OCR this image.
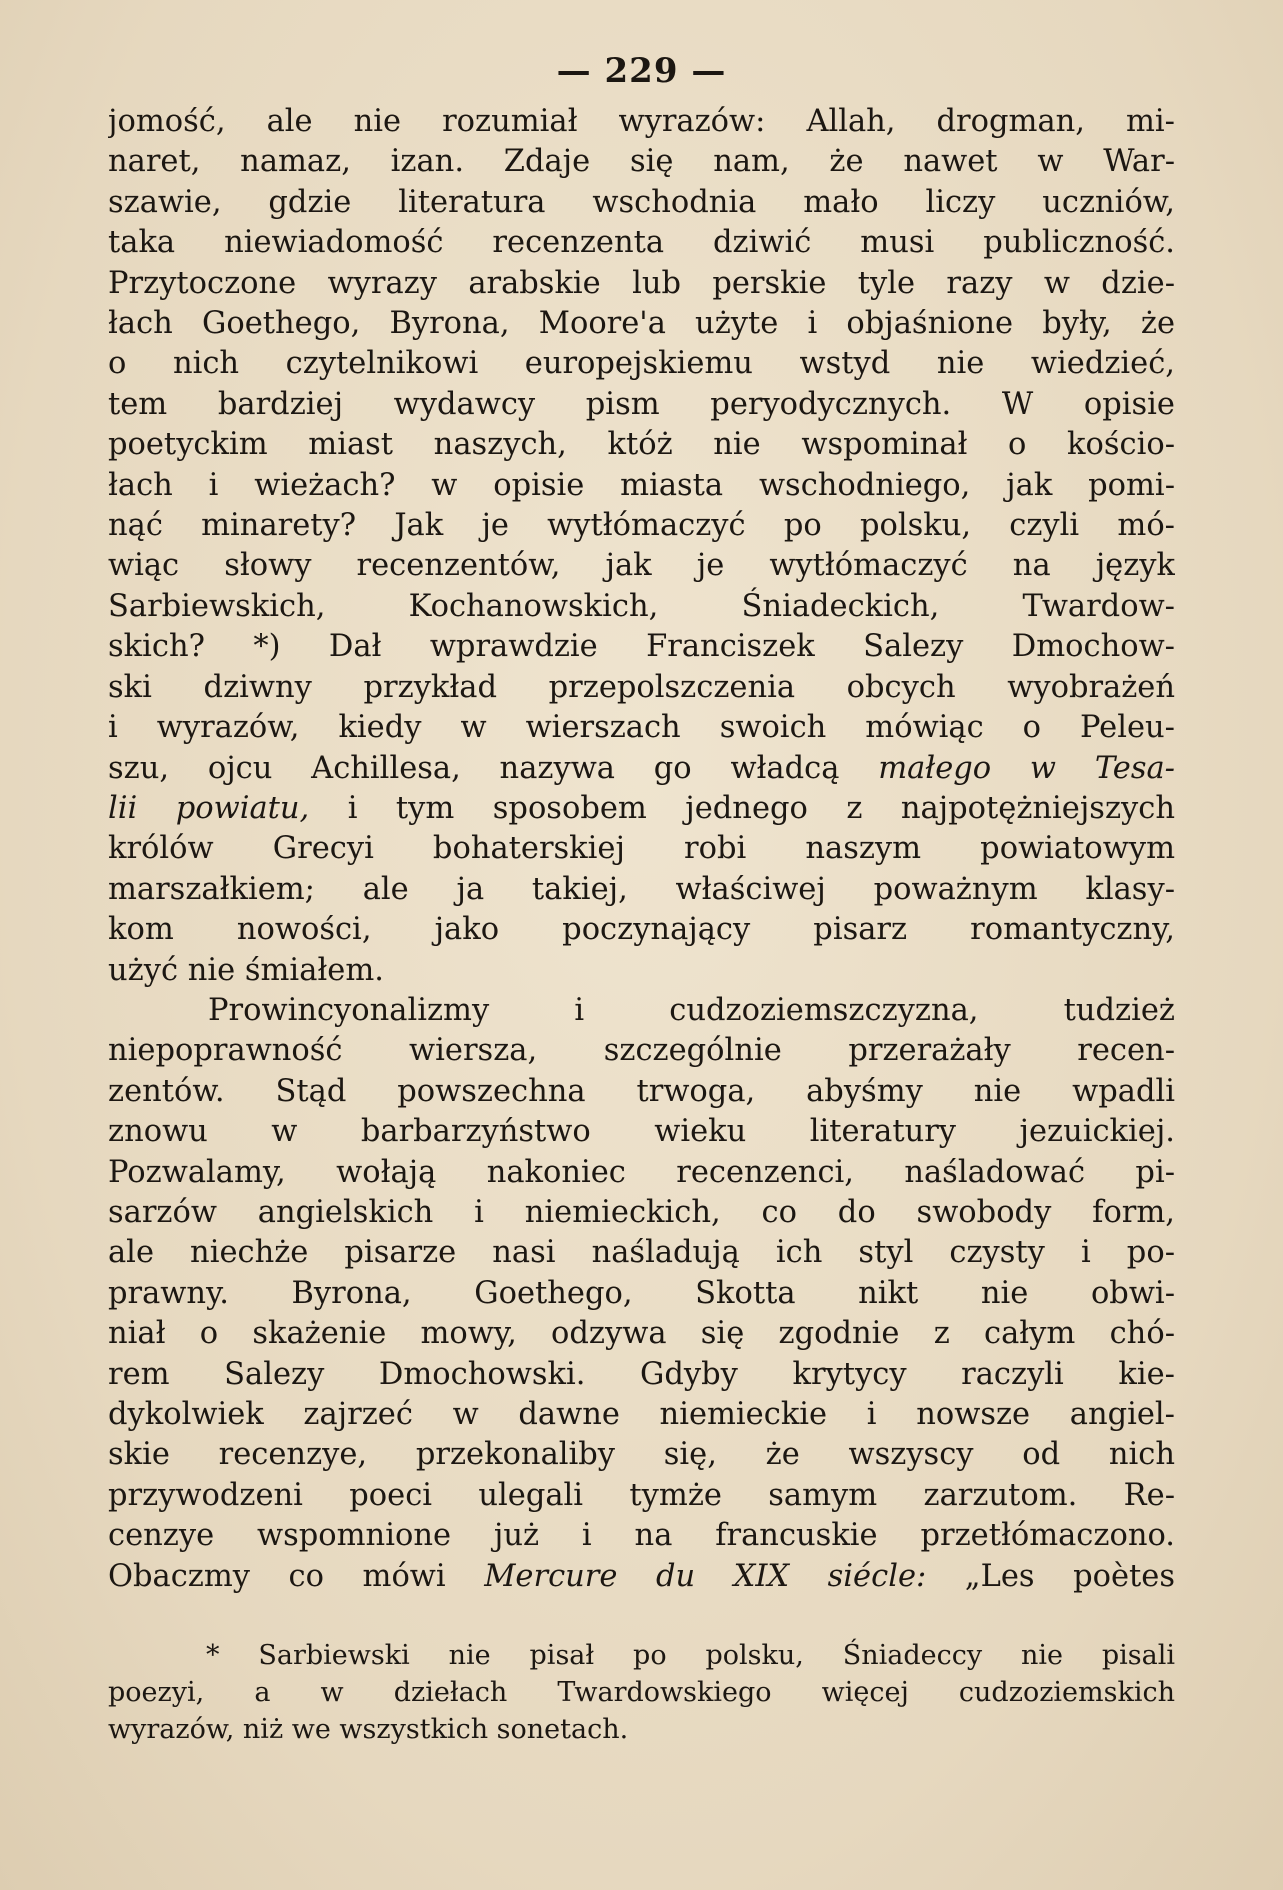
— 229 —
jomość, ale nie rozumiał wyrazów: Allah, drogman, mi-
naret, namaz, izan. Zdaje się nam, że nawet w War-
szawie, gdzie literatura wschodnia mało liczy uczniów,
taka niewiadomość recenzenta dziwić musi publiczność.
Przytoczone wyrazy arabskie lub perskie tyle razy w dzie-
łach Goethego, Byrona, Moore'a użyte i objaśnione były, że
o nich czytelnikowi europejskiemu wstyd nie wiedzieć,
tem bardziej wydawcy pism peryodycznych. W opisie
poetyckim miast naszych, któż nie wspominał o kościo-
łach i wieżach? w opisie miasta wschodniego, jak pomi-
nąć minarety? Jak je wytłómaczyć po polsku, czyli mó-
wiąc słowy recenzentów, jak je wytłómaczyć na język
Sarbiewskich, Kochanowskich, Śniadeckich, Twardow-
skich? *) Dał wprawdzie Franciszek Salezy Dmochow-
ski dziwny przykład przepolszczenia obcych wyobrażeń
i wyrazów, kiedy w wierszach swoich mówiąc o Peleu-
szu, ojcu Achillesa, nazywa go władcą małego w Tesa-
lii powiatu, i tym sposobem jednego z najpotężniejszych
królów Grecyi bohaterskiej robi naszym powiatowym
marszałkiem; ale ja takiej, właściwej poważnym klasy-
kom nowości, jako poczynający pisarz romantyczny,
użyć nie śmiałem.
Prowincyonalizmy i cudzoziemszczyzna, tudzież
niepoprawność wiersza, szczególnie przerażały recen-
zentów. Stąd powszechna trwoga, abyśmy nie wpadli
znowu w barbarzyństwo wieku literatury jezuickiej.
Pozwalamy, wołają nakoniec recenzenci, naśladować pi-
sarzów angielskich i niemieckich, co do swobody form,
ale niechże pisarze nasi naśladują ich styl czysty i po-
prawny. Byrona, Goethego, Skotta nikt nie obwi-
niał o skażenie mowy, odzywa się zgodnie z całym chó-
rem Salezy Dmochowski. Gdyby krytycy raczyli kie-
dykolwiek zajrzeć w dawne niemieckie i nowsze angiel-
skie recenzye, przekonaliby się, że wszyscy od nich
przywodzeni poeci ulegali tymże samym zarzutom. Re-
cenzye wspomnione już i na francuskie przetłómaczono.
Obaczmy co mówi Mercure du XIX siécle: „Les poètes
* Sarbiewski nie pisał po polsku, Śniadeccy nie pisali
poezyi, a w dziełach Twardowskiego więcej cudzoziemskich
wyrazów, niż we wszystkich sonetach.
